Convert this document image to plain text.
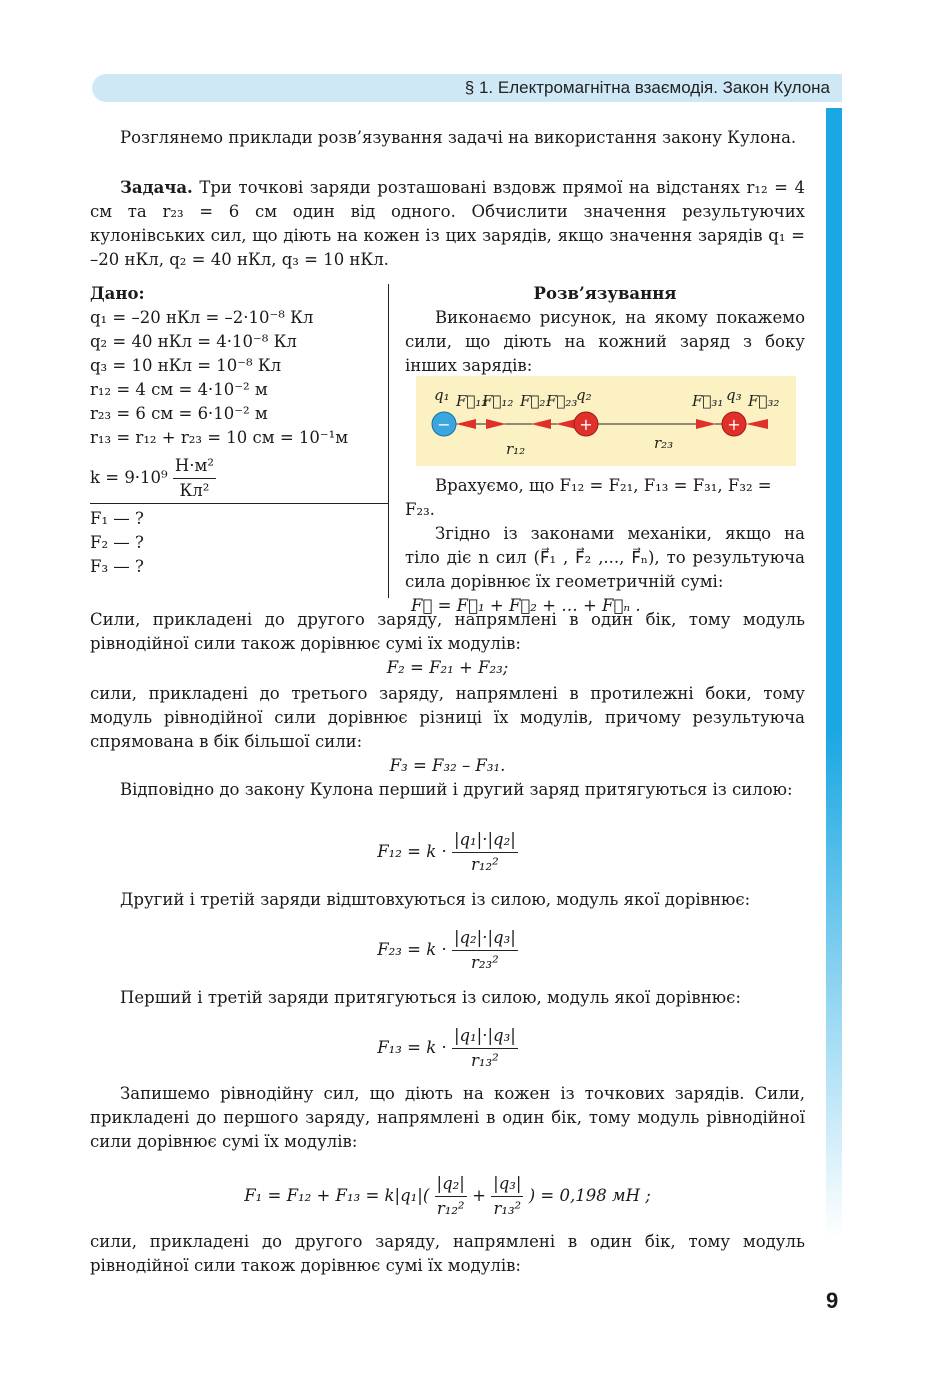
§ 1. Електромагнітна взаємодія. Закон Кулона
Розглянемо приклади розв’язування задачі на використання закону Кулона.
Задача. Три точкові заряди розташовані вздовж прямої на відстанях r₁₂ = 4 см та r₂₃ = 6 см один від одного. Обчислити значення результуючих кулонівських сил, що діють на кожен із цих зарядів, якщо значення зарядів q₁ = –20 нКл, q₂ = 40 нКл, q₃ = 10 нКл.
Дано:
q₁ = –20 нКл = –2·10⁻⁸ Кл
q₂ = 40 нКл = 4·10⁻⁸ Кл
q₃ = 10 нКл = 10⁻⁸ Кл
r₁₂ = 4 см = 4·10⁻² м
r₂₃ = 6 см = 6·10⁻² м
r₁₃ = r₁₂ + r₂₃ = 10 см = 10⁻¹м
$k = 9\cdot 10^9 \frac{\text{Н·м²}}{\text{Кл²}}$
F₁ — ?
F₂ — ?
F₃ — ?
Розв’язування
Виконаємо рисунок, на якому покажемо сили, що діють на кожний заряд з боку інших зарядів:
−	+	+
q₁ F⃗₁₃
F⃗₁₂ F⃗₂₁
F⃗₂₃
q₂	F⃗₃₁ q₃ F⃗₃₂
r₁₂	r₂₃
Врахуємо, що F₁₂ = F₂₁, F₁₃ = F₃₁, F₃₂ = F₂₃.
Згідно із законами механіки, якщо на тіло діє n сил (F⃗₁ , F⃗₂ ,..., F⃗ₙ), то результуюча сила дорівнює їх геометричній сумі:
F⃗ = F⃗₁ + F⃗₂ + … + F⃗ₙ .
Сили, прикладені до другого заряду, напрямлені в один бік, тому модуль рівнодійної сили також дорівнює сумі їх модулів:
F₂ = F₂₁ + F₂₃;
сили, прикладені до третього заряду, напрямлені в протилежні боки, тому модуль рівнодійної сили дорівнює різниці їх модулів, причому результуюча спрямована в бік більшої сили:
F₃ = F₃₂ – F₃₁.
Відповідно до закону Кулона перший і другий заряд притягуються із силою:
$F_{12} = k \cdot \frac{\text{|q₁|·|q₂|}}{\text{r₁₂²}}$
Другий і третій заряди відштовхуються із силою, модуль якої дорівнює:
$F_{23} = k \cdot \frac{\text{|q₂|·|q₃|}}{\text{r₂₃²}}$
Перший і третій заряди притягуються із силою, модуль якої дорівнює:
$F_{13} = k \cdot \frac{\text{|q₁|·|q₃|}}{\text{r₁₃²}}$
Запишемо рівнодійну сил, що діють на кожен із точкових зарядів. Сили, прикладені до першого заряду, напрямлені в один бік, тому модуль рівнодійної сили дорівнює сумі їх модулів:
$F_1 = F_{12} + F_{13} = k|q_1|( \frac{\text{|q₂|}}{\text{r₁₂²}} + \frac{\text{|q₃|}}{\text{r₁₃²}}$ ) = 0,198 мН ;
сили, прикладені до другого заряду, напрямлені в один бік, тому модуль рівнодійної сили також дорівнює сумі їх модулів:
9
